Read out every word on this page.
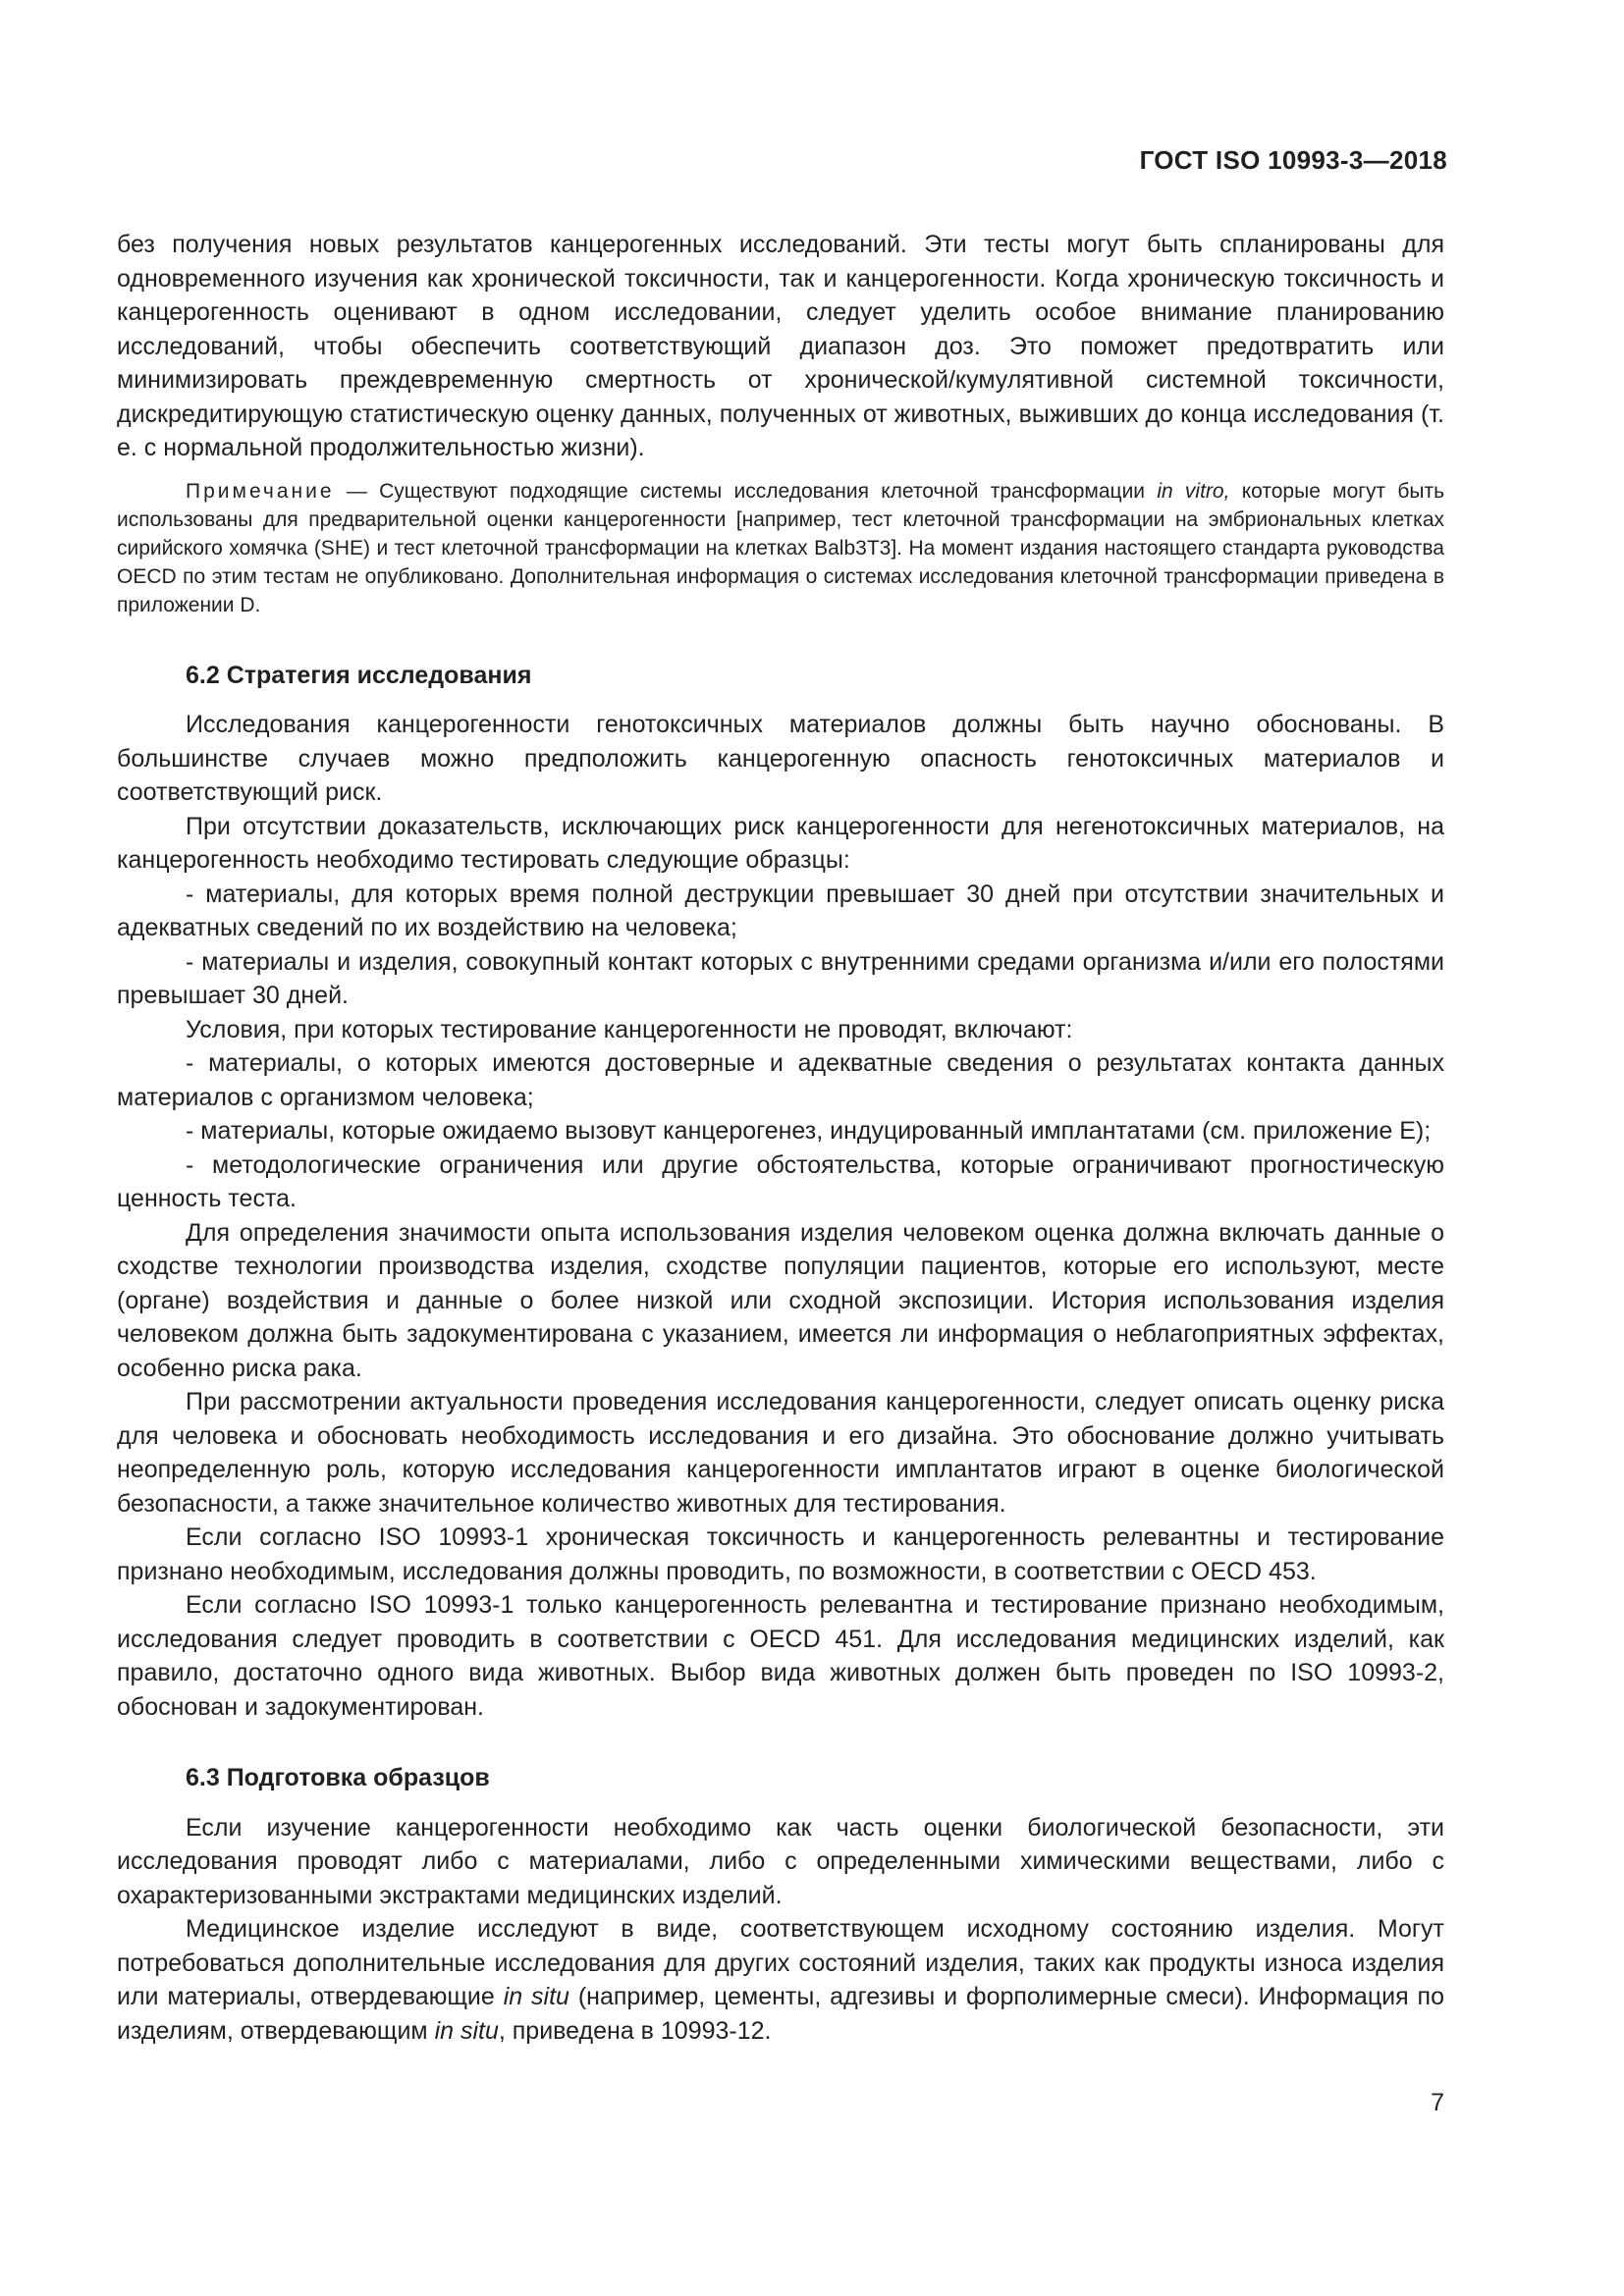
ГОСТ ISO 10993-3—2018

без получения новых результатов канцерогенных исследований. Эти тесты могут быть спланированы для одновременного изучения как хронической токсичности, так и канцерогенности. Когда хроническую токсичность и канцерогенность оценивают в одном исследовании, следует уделить особое внимание планированию исследований, чтобы обеспечить соответствующий диапазон доз. Это поможет предотвратить или минимизировать преждевременную смертность от хронической/кумулятивной системной токсичности, дискредитирующую статистическую оценку данных, полученных от животных, выживших до конца исследования (т. е. с нормальной продолжительностью жизни).

Примечание — Существуют подходящие системы исследования клеточной трансформации in vitro, которые могут быть использованы для предварительной оценки канцерогенности [например, тест клеточной трансформации на эмбриональных клетках сирийского хомячка (SHE) и тест клеточной трансформации на клетках Balb3T3]. На момент издания настоящего стандарта руководства OECD по этим тестам не опубликовано. Дополнительная информация о системах исследования клеточной трансформации приведена в приложении D.

6.2 Стратегия исследования

Исследования канцерогенности генотоксичных материалов должны быть научно обоснованы. В большинстве случаев можно предположить канцерогенную опасность генотоксичных материалов и соответствующий риск.

При отсутствии доказательств, исключающих риск канцерогенности для негенотоксичных материалов, на канцерогенность необходимо тестировать следующие образцы:

- материалы, для которых время полной деструкции превышает 30 дней при отсутствии значительных и адекватных сведений по их воздействию на человека;

- материалы и изделия, совокупный контакт которых с внутренними средами организма и/или его полостями превышает 30 дней.

Условия, при которых тестирование канцерогенности не проводят, включают:

- материалы, о которых имеются достоверные и адекватные сведения о результатах контакта данных материалов с организмом человека;

- материалы, которые ожидаемо вызовут канцерогенез, индуцированный имплантатами (см. приложение E);

- методологические ограничения или другие обстоятельства, которые ограничивают прогностическую ценность теста.

Для определения значимости опыта использования изделия человеком оценка должна включать данные о сходстве технологии производства изделия, сходстве популяции пациентов, которые его используют, месте (органе) воздействия и данные о более низкой или сходной экспозиции. История использования изделия человеком должна быть задокументирована с указанием, имеется ли информация о неблагоприятных эффектах, особенно риска рака.

При рассмотрении актуальности проведения исследования канцерогенности, следует описать оценку риска для человека и обосновать необходимость исследования и его дизайна. Это обоснование должно учитывать неопределенную роль, которую исследования канцерогенности имплантатов играют в оценке биологической безопасности, а также значительное количество животных для тестирования.

Если согласно ISO 10993-1 хроническая токсичность и канцерогенность релевантны и тестирование признано необходимым, исследования должны проводить, по возможности, в соответствии с OECD 453.

Если согласно ISO 10993-1 только канцерогенность релевантна и тестирование признано необходимым, исследования следует проводить в соответствии с OECD 451. Для исследования медицинских изделий, как правило, достаточно одного вида животных. Выбор вида животных должен быть проведен по ISO 10993-2, обоснован и задокументирован.

6.3 Подготовка образцов

Если изучение канцерогенности необходимо как часть оценки биологической безопасности, эти исследования проводят либо с материалами, либо с определенными химическими веществами, либо с охарактеризованными экстрактами медицинских изделий.

Медицинское изделие исследуют в виде, соответствующем исходному состоянию изделия. Могут потребоваться дополнительные исследования для других состояний изделия, таких как продукты износа изделия или материалы, отвердевающие in situ (например, цементы, адгезивы и форполимерные смеси). Информация по изделиям, отвердевающим in situ, приведена в 10993-12.

7
